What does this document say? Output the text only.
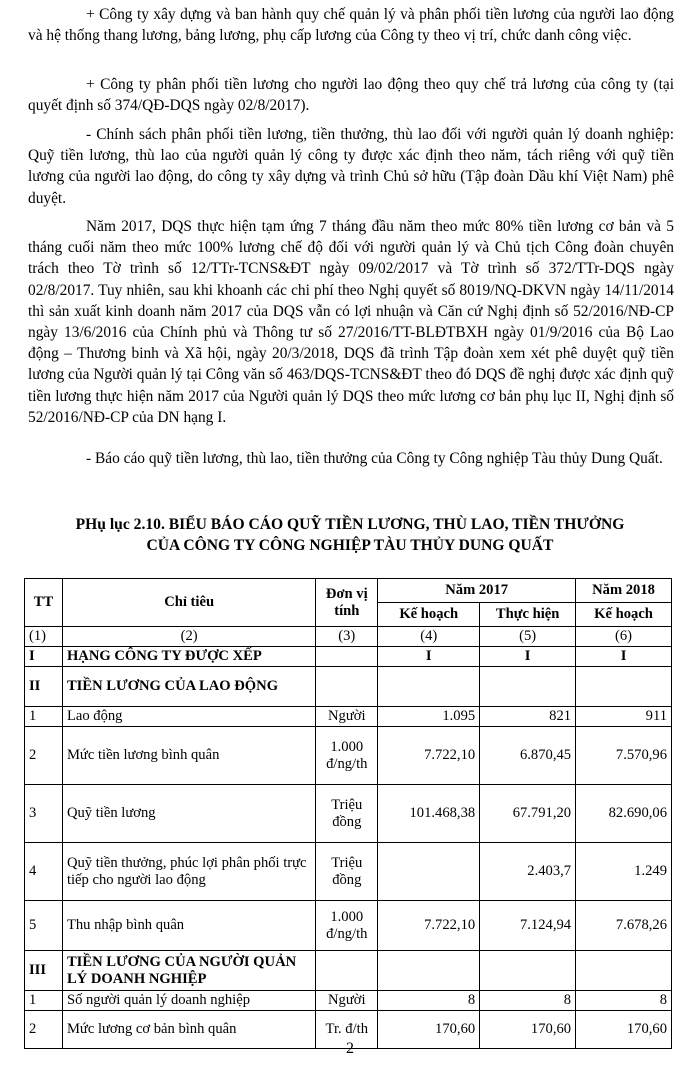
+ Công ty xây dựng và ban hành quy chế quản lý và phân phối tiền lương của người lao động và hệ thống thang lương, bảng lương, phụ cấp lương của Công ty theo vị trí, chức danh công việc.

+ Công ty phân phối tiền lương cho người lao động theo quy chế trả lương của công ty (tại quyết định số 374/QĐ-DQS ngày 02/8/2017).

- Chính sách phân phối tiền lương, tiền thưởng, thù lao đối với người quản lý doanh nghiệp: Quỹ tiền lương, thù lao của người quản lý công ty được xác định theo năm, tách riêng với quỹ tiền lương của người lao động, do công ty xây dựng và trình Chủ sở hữu (Tập đoàn Dầu khí Việt Nam) phê duyệt.

Năm 2017, DQS thực hiện tạm ứng 7 tháng đầu năm theo mức 80% tiền lương cơ bản và 5 tháng cuối năm theo mức 100% lương chế độ đối với người quản lý và Chủ tịch Công đoàn chuyên trách theo Tờ trình số 12/TTr-TCNS&ĐT ngày 09/02/2017 và Tờ trình số 372/TTr-DQS ngày 02/8/2017. Tuy nhiên, sau khi khoanh các chi phí theo Nghị quyết số 8019/NQ-DKVN ngày 14/11/2014 thì sản xuất kinh doanh năm 2017 của DQS vẫn có lợi nhuận và Căn cứ Nghị định số 52/2016/NĐ-CP ngày 13/6/2016 của Chính phủ và Thông tư số 27/2016/TT-BLĐTBXH ngày 01/9/2016 của Bộ Lao động – Thương binh và Xã hội, ngày 20/3/2018, DQS đã trình Tập đoàn xem xét phê duyệt quỹ tiền lương của Người quản lý tại Công văn số 463/DQS-TCNS&ĐT theo đó DQS đề nghị được xác định quỹ tiền lương thực hiện năm 2017 của Người quản lý DQS theo mức lương cơ bản phụ lục II, Nghị định số 52/2016/NĐ-CP của DN hạng I.

- Báo cáo quỹ tiền lương, thù lao, tiền thưởng của Công ty Công nghiệp Tàu thủy Dung Quất.

PHụ lục 2.10. BIỂU BÁO CÁO QUỸ TIỀN LƯƠNG, THÙ LAO, TIỀN THƯỞNG
CỦA CÔNG TY CÔNG NGHIỆP TÀU THỦY DUNG QUẤT
TT	Chỉ tiêu	Đơn vị tính	Năm 2017		Năm 2018
			Kế hoạch	Thực hiện	Kế hoạch
(1)	(2)	(3)	(4)	(5)	(6)
I	HẠNG CÔNG TY ĐƯỢC XẾP		I	I	I
II	TIỀN LƯƠNG CỦA LAO ĐỘNG				
1	Lao động	Người	1.095	821	911
2	Mức tiền lương bình quân	1.000 đ/ng/th	7.722,10	6.870,45	7.570,96
3	Quỹ tiền lương	Triệu đồng	101.468,38	67.791,20	82.690,06
4	Quỹ tiền thưởng, phúc lợi phân phối trực tiếp cho người lao động	Triệu đồng		2.403,7	1.249
5	Thu nhập bình quân	1.000 đ/ng/th	7.722,10	7.124,94	7.678,26
III	TIỀN LƯƠNG CỦA NGƯỜI QUẢN LÝ DOANH NGHIỆP				
1	Số người quản lý doanh nghiệp	Người	8	8	8
2	Mức lương cơ bản bình quân	Tr. đ/th	170,60	170,60	170,60
2
